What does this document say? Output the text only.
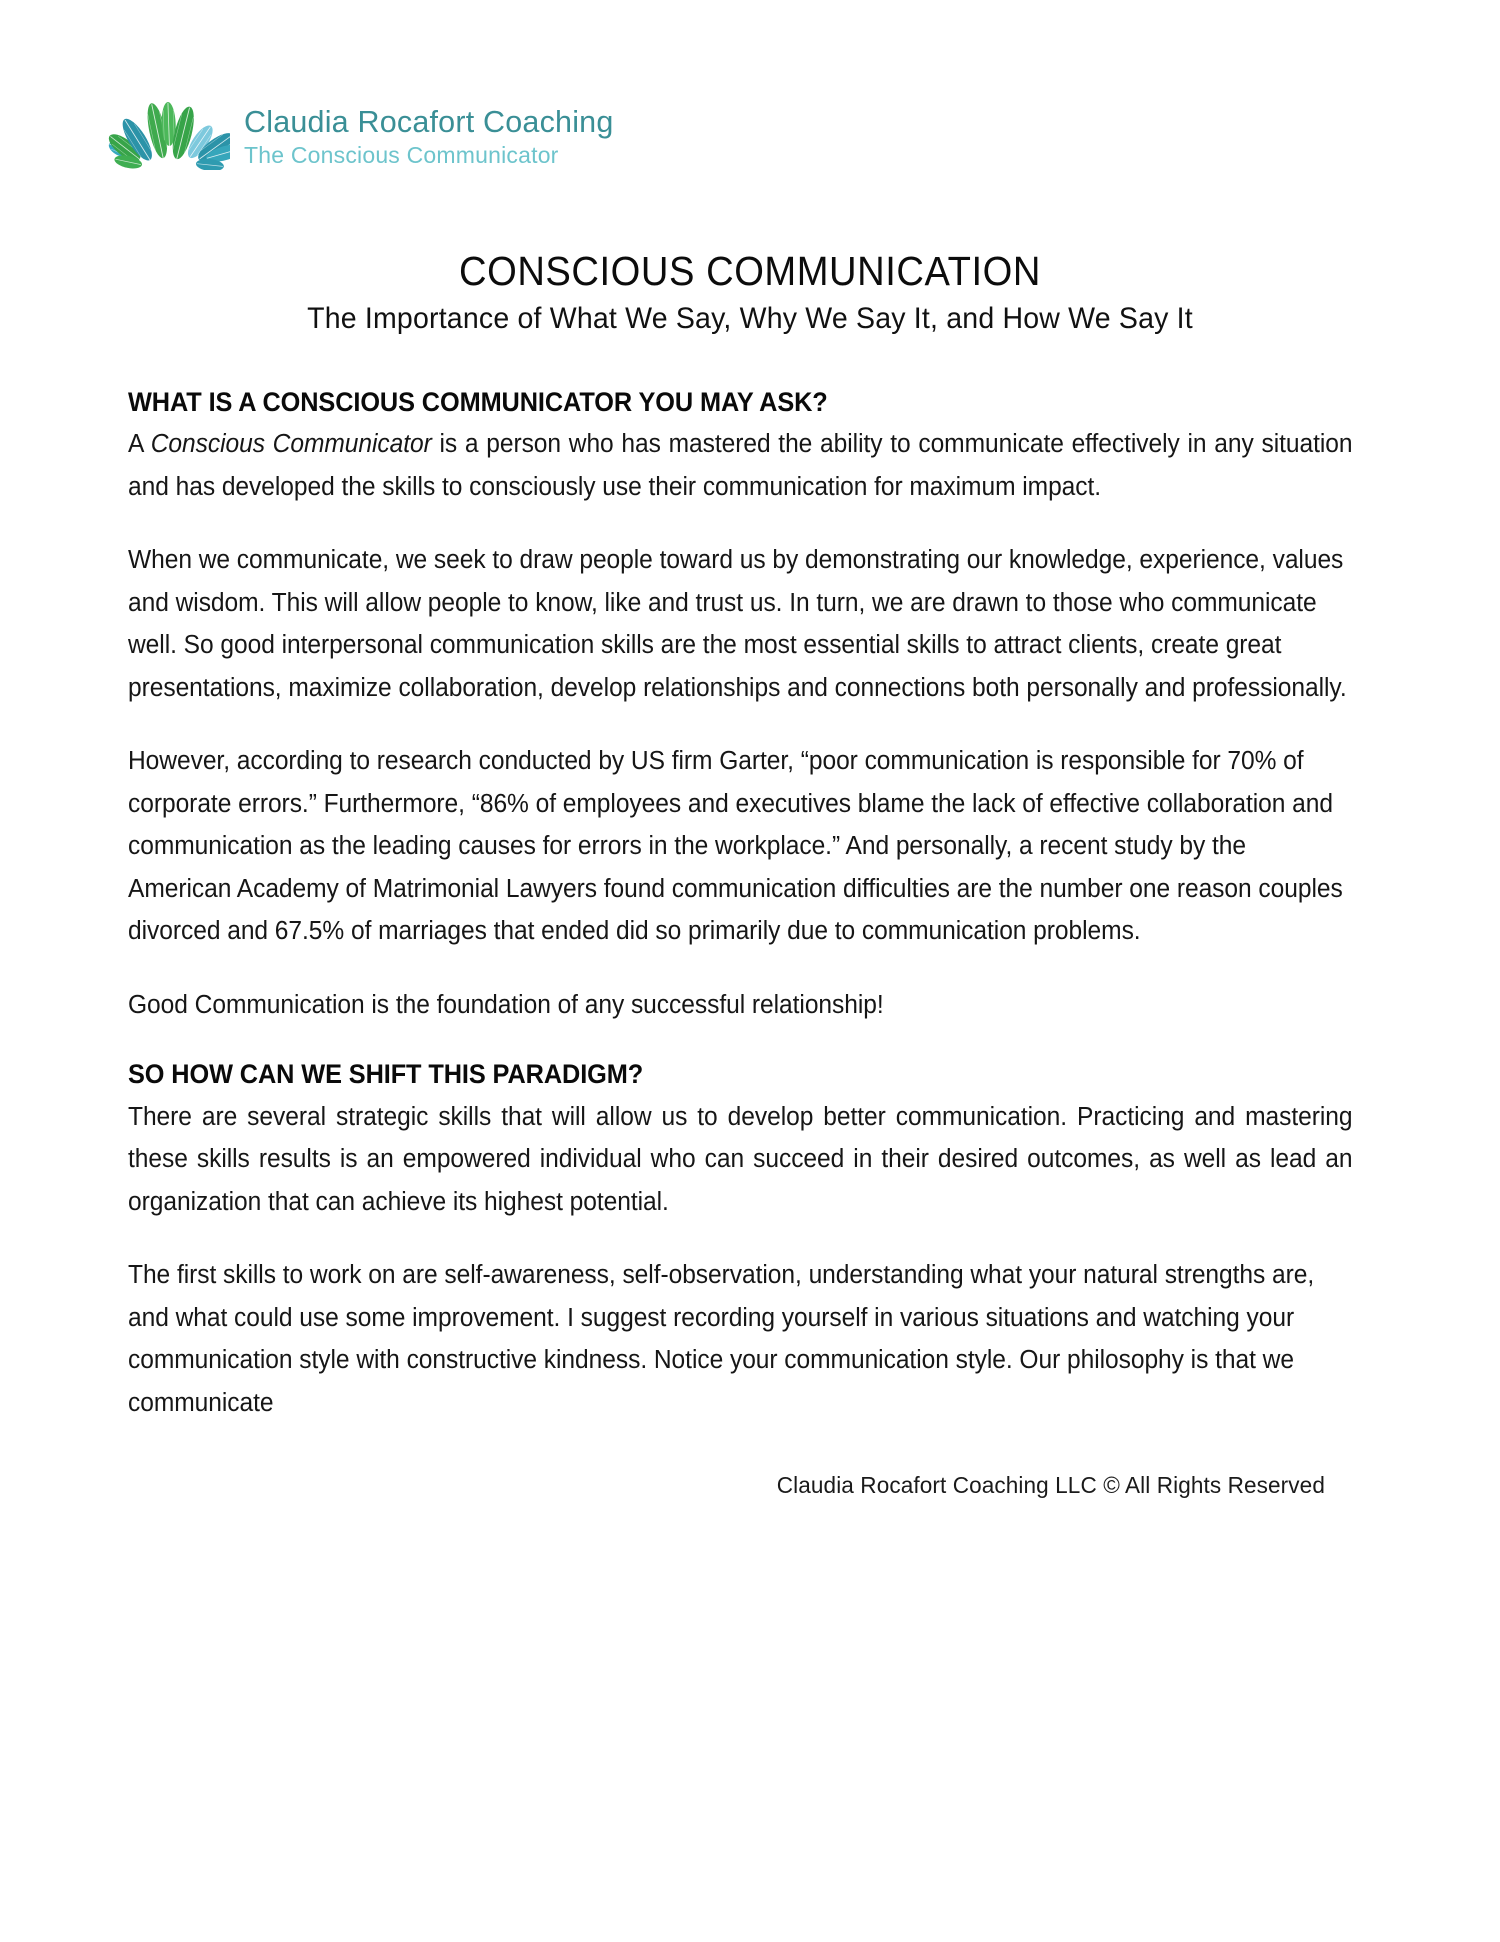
Claudia Rocafort Coaching
The Conscious Communicator
CONSCIOUS COMMUNICATION
The Importance of What We Say, Why We Say It, and How We Say It
WHAT IS A CONSCIOUS COMMUNICATOR YOU MAY ASK?

A Conscious Communicator is a person who has mastered the ability to communicate effectively in any situation and has developed the skills to consciously use their communication for maximum impact.

When we communicate, we seek to draw people toward us by demonstrating our knowledge, experience, values and wisdom. This will allow people to know, like and trust us. In turn, we are drawn to those who communicate well. So good interpersonal communication skills are the most essential skills to attract clients, create great presentations, maximize collaboration, develop relationships and connections both personally and professionally.

However, according to research conducted by US firm Garter, “poor communication is responsible for 70% of corporate errors.” Furthermore, “86% of employees and executives blame the lack of effective collaboration and communication as the leading causes for errors in the workplace.” And personally, a recent study by the American Academy of Matrimonial Lawyers found communication difficulties are the number one reason couples divorced and 67.5% of marriages that ended did so primarily due to communication problems.

Good Communication is the foundation of any successful relationship!

SO HOW CAN WE SHIFT THIS PARADIGM?

There are several strategic skills that will allow us to develop better communication. Practicing and mastering these skills results is an empowered individual who can succeed in their desired outcomes, as well as lead an organization that can achieve its highest potential.

The first skills to work on are self-awareness, self-observation, understanding what your natural strengths are, and what could use some improvement. I suggest recording yourself in various situations and watching your communication style with constructive kindness. Notice your communication style. Our philosophy is that we communicate

Claudia Rocafort Coaching LLC © All Rights Reserved
